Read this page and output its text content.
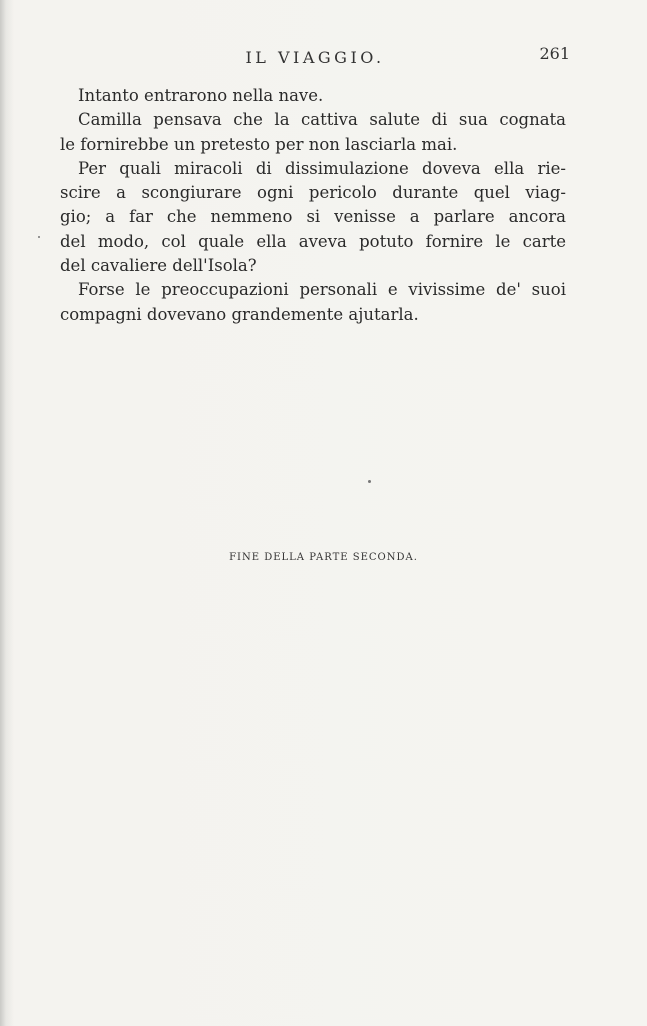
IL VIAGGIO.	261
Intanto entrarono nella nave.
Camilla pensava che la cattiva salute di sua cognata
le fornirebbe un pretesto per non lasciarla mai.
Per quali miracoli di dissimulazione doveva ella rie-
scire a scongiurare ogni pericolo durante quel viag-
gio; a far che nemmeno si venisse a parlare ancora
del modo, col quale ella aveva potuto fornire le carte
del cavaliere dell'Isola?
Forse le preoccupazioni personali e vivissime de' suoi
compagni dovevano grandemente ajutarla.
FINE DELLA PARTE SECONDA.
